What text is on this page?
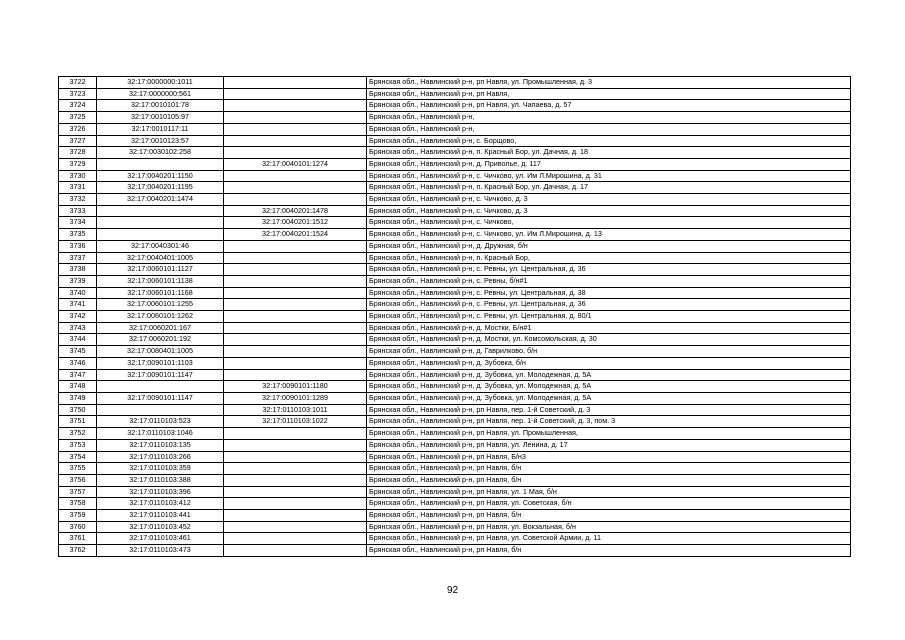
3722	32:17:0000000:1011		Брянская обл., Навлинский р-н, рп Навля, ул. Промышленная, д. 3
3723	32:17:0000000:561		Брянская обл., Навлинский р-н, рп Навля,
3724	32:17:0010101:78		Брянская обл., Навлинский р-н, рп Навля, ул. Чапаева, д. 57
3725	32:17:0010105:97		Брянская обл., Навлинский р-н,
3726	32:17:0010117:11		Брянская обл., Навлинский р-н,
3727	32:17:0010123:57		Брянская обл., Навлинский р-н, с. Борщово,
3728	32:17:0030102:258		Брянская обл., Навлинский р-н, п. Красный Бор, ул. Дачная, д. 18
3729		32:17:0040101:1274	Брянская обл., Навлинский р-н, д. Приволье, д. 117
3730	32:17:0040201:1150		Брянская обл., Навлинский р-н, с. Чичково, ул. Им Л.Мирошина, д. 31
3731	32:17:0040201:1195		Брянская обл., Навлинский р-н, п. Красный Бор, ул. Дачная, д. 17
3732	32:17:0040201:1474		Брянская обл., Навлинский р-н, с. Чичково, д. 3
3733		32:17:0040201:1478	Брянская обл., Навлинский р-н, с. Чичково, д. 3
3734		32:17:0040201:1512	Брянская обл., Навлинский р-н, с. Чичково,
3735		32:17:0040201:1524	Брянская обл., Навлинский р-н, с. Чичково, ул. Им Л.Мирошина, д. 13
3736	32:17:0040301:46		Брянская обл., Навлинский р-н, д. Дружная, б/н
3737	32:17:0040401:1005		Брянская обл., Навлинский р-н, п. Красный Бор,
3738	32:17:0060101:1127		Брянская обл., Навлинский р-н, с. Ревны, ул. Центральная, д. 36
3739	32:17:0060101:1138		Брянская обл., Навлинский р-н, с. Ревны, б/н#1
3740	32:17:0060101:1168		Брянская обл., Навлинский р-н, с. Ревны, ул. Центральная, д. 38
3741	32:17:0060101:1255		Брянская обл., Навлинский р-н, с. Ревны, ул. Центральная, д. 36
3742	32:17:0060101:1262		Брянская обл., Навлинский р-н, с. Ревны, ул. Центральная, д. 80/1
3743	32:17:0060201:167		Брянская обл., Навлинский р-н, д. Мостки, Б/н#1
3744	32:17:0060201:192		Брянская обл., Навлинский р-н, д. Мостки, ул. Комсомольская, д. 30
3745	32:17:0080401:1005		Брянская обл., Навлинский р-н, д. Гаврилково, б/н
3746	32:17:0090101:1103		Брянская обл., Навлинский р-н, д. Зубовка, б/н
3747	32:17:0090101:1147		Брянская обл., Навлинский р-н, д. Зубовка, ул. Молодежная, д. 5А
3748		32:17:0090101:1180	Брянская обл., Навлинский р-н, д. Зубовка, ул. Молодежная, д. 5А
3749	32:17:0090101:1147	32:17:0090101:1289	Брянская обл., Навлинский р-н, д. Зубовка, ул. Молодежная, д. 5А
3750		32:17:0110103:1011	Брянская обл., Навлинский р-н, рп Навля, пер. 1-й Советский, д. 3
3751	32:17:0110103:523	32:17:0110103:1022	Брянская обл., Навлинский р-н, рп Навля, пер. 1-й Советский, д. 3, пом. 3
3752	32:17:0110103:1046		Брянская обл., Навлинский р-н, рп Навля, ул. Промышленная,
3753	32:17:0110103:135		Брянская обл., Навлинский р-н, рп Навля, ул. Ленина, д. 17
3754	32:17:0110103:266		Брянская обл., Навлинский р-н, рп Навля, Б/н3
3755	32:17:0110103:359		Брянская обл., Навлинский р-н, рп Навля, б/н
3756	32:17:0110103:388		Брянская обл., Навлинский р-н, рп Навля, б/н
3757	32:17:0110103:396		Брянская обл., Навлинский р-н, рп Навля, ул. 1 Мая, б/н
3758	32:17:0110103:412		Брянская обл., Навлинский р-н, рп Навля, ул. Советская, б/н
3759	32:17:0110103:441		Брянская обл., Навлинский р-н, рп Навля, б/н
3760	32:17:0110103:452		Брянская обл., Навлинский р-н, рп Навля, ул. Вокзальная, б/н
3761	32:17:0110103:461		Брянская обл., Навлинский р-н, рп Навля, ул. Советской Армии, д. 11
3762	32:17:0110103:473		Брянская обл., Навлинский р-н, рп Навля, б/н
92
